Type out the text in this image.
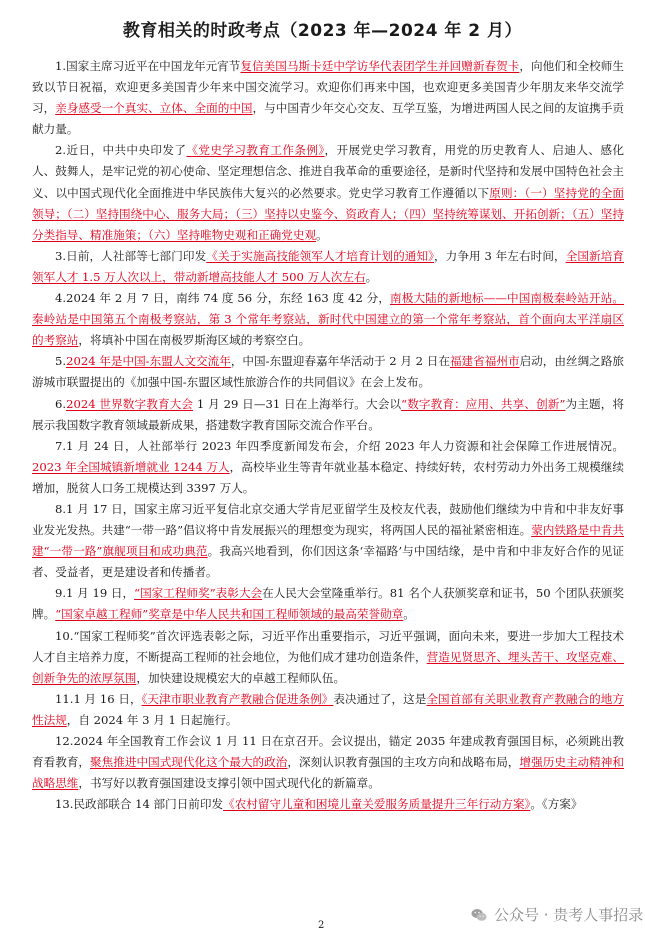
教育相关的时政考点（2023 年—2024 年 2 月）

1.国家主席习近平在中国龙年元宵节复信美国马斯卡廷中学访华代表团学生并回赠新春贺卡，向他们和全校师生致以节日祝福，欢迎更多美国青少年来中国交流学习。欢迎你们再来中国，也欢迎更多美国青少年朋友来华交流学习，亲身感受一个真实、立体、全面的中国，与中国青少年交心交友、互学互鉴，为增进两国人民之间的友谊携手贡献力量。

2.近日，中共中央印发了《党史学习教育工作条例》，开展党史学习教育，用党的历史教育人、启迪人、感化人、鼓舞人，是牢记党的初心使命、坚定理想信念、推进自我革命的重要途径，是新时代坚持和发展中国特色社会主义、以中国式现代化全面推进中华民族伟大复兴的必然要求。党史学习教育工作遵循以下原则：（一）坚持党的全面领导；（二）坚持围绕中心、服务大局；（三）坚持以史鉴今、资政育人；（四）坚持统筹谋划、开拓创新；（五）坚持分类指导、精准施策；（六）坚持唯物史观和正确党史观。

3.日前，人社部等七部门印发《关于实施高技能领军人才培育计划的通知》，力争用 3 年左右时间，全国新培育领军人才 1.5 万人次以上，带动新增高技能人才 500 万人次左右。

4.2024 年 2 月 7 日，南纬 74 度 56 分，东经 163 度 42 分，南极大陆的新地标——中国南极秦岭站开站。秦岭站是中国第五个南极考察站，第 3 个常年考察站，新时代中国建立的第一个常年考察站，首个面向太平洋扇区的考察站，将填补中国在南极罗斯海区域的考察空白。

5.2024 年是中国-东盟人文交流年，中国-东盟迎春嘉年华活动于 2 月 2 日在福建省福州市启动，由丝绸之路旅游城市联盟提出的《加强中国-东盟区域性旅游合作的共同倡议》在会上发布。

6.2024 世界数字教育大会 1 月 29 日—31 日在上海举行。大会以“数字教育：应用、共享、创新”为主题，将展示我国数字教育领域最新成果，搭建数字教育国际交流合作平台。

7.1 月 24 日，人社部举行 2023 年四季度新闻发布会，介绍 2023 年人力资源和社会保障工作进展情况。2023 年全国城镇新增就业 1244 万人，高校毕业生等青年就业基本稳定、持续好转，农村劳动力外出务工规模继续增加，脱贫人口务工规模达到 3397 万人。

8.1 月 17 日，国家主席习近平复信北京交通大学肯尼亚留学生及校友代表，鼓励他们继续为中肯和中非友好事业发光发热。共建“一带一路”倡议将中肯发展振兴的理想变为现实，将两国人民的福祉紧密相连。蒙内铁路是中肯共建“一带一路”旗舰项目和成功典范。我高兴地看到，你们因这条‘幸福路’与中国结缘，是中肯和中非友好合作的见证者、受益者，更是建设者和传播者。

9.1 月 19 日，“国家工程师奖”表彰大会在人民大会堂隆重举行。81 名个人获颁奖章和证书，50 个团队获颁奖牌。“国家卓越工程师”奖章是中华人民共和国工程师领域的最高荣誉勋章。

10.“国家工程师奖”首次评选表彰之际，习近平作出重要指示，习近平强调，面向未来，要进一步加大工程技术人才自主培养力度，不断提高工程师的社会地位，为他们成才建功创造条件，营造见贤思齐、埋头苦干、攻坚克难、创新争先的浓厚氛围，加快建设规模宏大的卓越工程师队伍。

11.1 月 16 日，《天津市职业教育产教融合促进条例》表决通过了，这是全国首部有关职业教育产教融合的地方性法规，自 2024 年 3 月 1 日起施行。

12.2024 年全国教育工作会议 1 月 11 日在京召开。会议提出，锚定 2035 年建成教育强国目标，必须跳出教育看教育，聚焦推进中国式现代化这个最大的政治，深刻认识教育强国的主攻方向和战略布局，增强历史主动精神和战略思维，书写好以教育强国建设支撑引领中国式现代化的新篇章。

13.民政部联合 14 部门日前印发《农村留守儿童和困境儿童关爱服务质量提升三年行动方案》。《方案》

2
公众号 · 贵考人事招录
